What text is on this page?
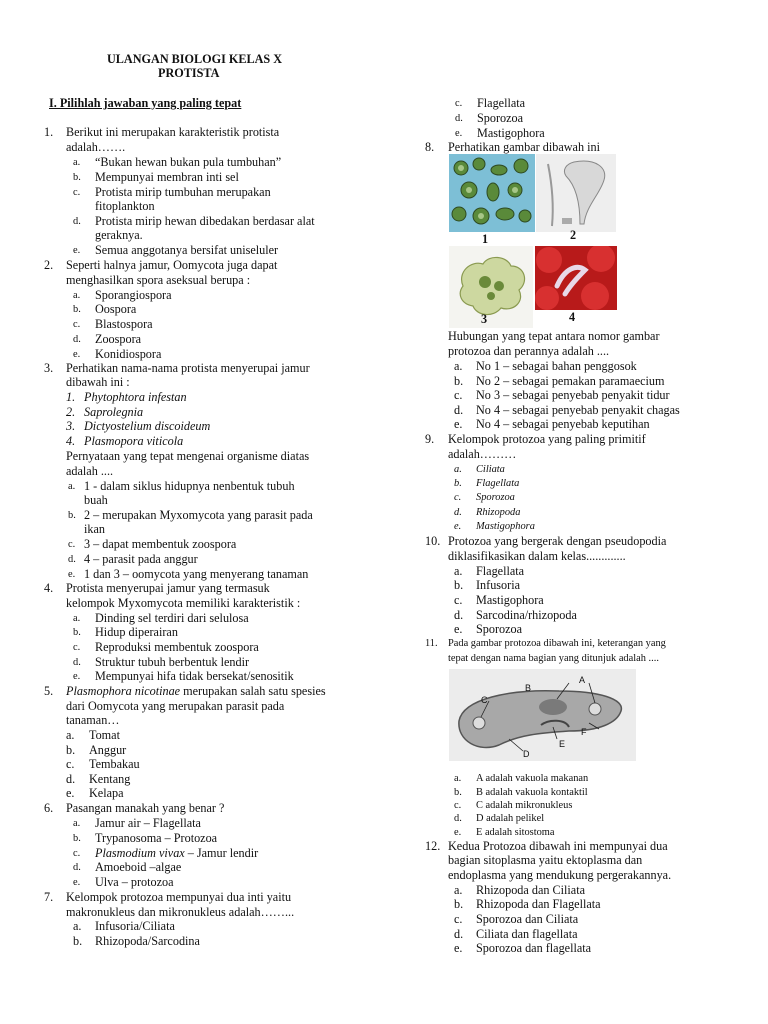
ULANGAN BIOLOGI KELAS X
PROTISTA
I. Pilihlah jawaban yang paling tepat
1. Berikut ini merupakan karakteristik protista
adalah…….
a. “Bukan hewan bukan pula tumbuhan”
b. Mempunyai membran inti sel
c. Protista mirip tumbuhan merupakan
fitoplankton
d. Protista mirip hewan dibedakan berdasar alat
geraknya.
e. Semua anggotanya bersifat uniseluler
2. Seperti halnya jamur, Oomycota juga dapat
menghasilkan spora aseksual berupa :
a. Sporangiospora
b. Oospora
c. Blastospora
d. Zoospora
e. Konidiospora
3. Perhatikan nama-nama protista menyerupai jamur
dibawah ini :
1. Phytophtora infestan
2. Saprolegnia
3. Dictyostelium discoideum
4. Plasmopora viticola
Pernyataan yang tepat mengenai organisme diatas
adalah ....
a. 1 - dalam siklus hidupnya nenbentuk tubuh
buah
b. 2 – merupakan Myxomycota yang parasit pada
ikan
c. 3 – dapat membentuk zoospora
d. 4 – parasit pada anggur
e. 1 dan 3 – oomycota yang menyerang tanaman
4. Protista menyerupai jamur yang termasuk
kelompok Myxomycota memiliki karakteristik :
a. Dinding sel terdiri dari selulosa
b. Hidup diperairan
c. Reproduksi membentuk zoospora
d. Struktur tubuh berbentuk lendir
e. Mempunyai hifa tidak bersekat/senositik
5. Plasmophora nicotinae merupakan salah satu spesies
dari Oomycota yang merupakan parasit pada
tanaman…
a. Tomat
b. Anggur
c. Tembakau
d. Kentang
e. Kelapa
6. Pasangan manakah yang benar ?
a. Jamur air – Flagellata
b. Trypanosoma – Protozoa
c. Plasmodium vivax – Jamur lendir
d. Amoeboid –algae
e. Ulva – protozoa
7. Kelompok protozoa mempunyai dua inti yaitu
makronukleus dan mikronukleus adalah……...
a. Infusoria/Ciliata
b. Rhizopoda/Sarcodina
c. Flagellata
d. Sporozoa
e. Mastigophora
8. Perhatikan gambar dibawah ini
1	2
3	4
Hubungan yang tepat antara nomor gambar
protozoa dan perannya adalah ....
a. No 1 – sebagai bahan penggosok
b. No 2 – sebagai pemakan paramaecium
c. No 3 – sebagai penyebab penyakit tidur
d. No 4 – sebagai penyebab penyakit chagas
e. No 4 – sebagai penyebab keputihan
9. Kelompok protozoa yang paling primitif
adalah………
a. Ciliata
b. Flagellata
c. Sporozoa
d. Rhizopoda
e. Mastigophora
10. Protozoa yang bergerak dengan pseudopodia
diklasifikasikan dalam kelas.............
a. Flagellata
b. Infusoria
c. Mastigophora
d. Sarcodina/rhizopoda
e. Sporozoa
11. Pada gambar protozoa dibawah ini, keterangan yang
tepat dengan nama bagian yang ditunjuk adalah ....
B
A
C
D
E
F
a. A adalah vakuola makanan
b. B adalah vakuola kontaktil
c. C adalah mikronukleus
d. D adalah pelikel
e. E adalah sitostoma
12. Kedua Protozoa dibawah ini mempunyai dua
bagian sitoplasma yaitu ektoplasma dan
endoplasma yang mendukung pergerakannya.
a. Rhizopoda dan Ciliata
b. Rhizopoda dan Flagellata
c. Sporozoa dan Ciliata
d. Ciliata dan flagellata
e. Sporozoa dan flagellata
